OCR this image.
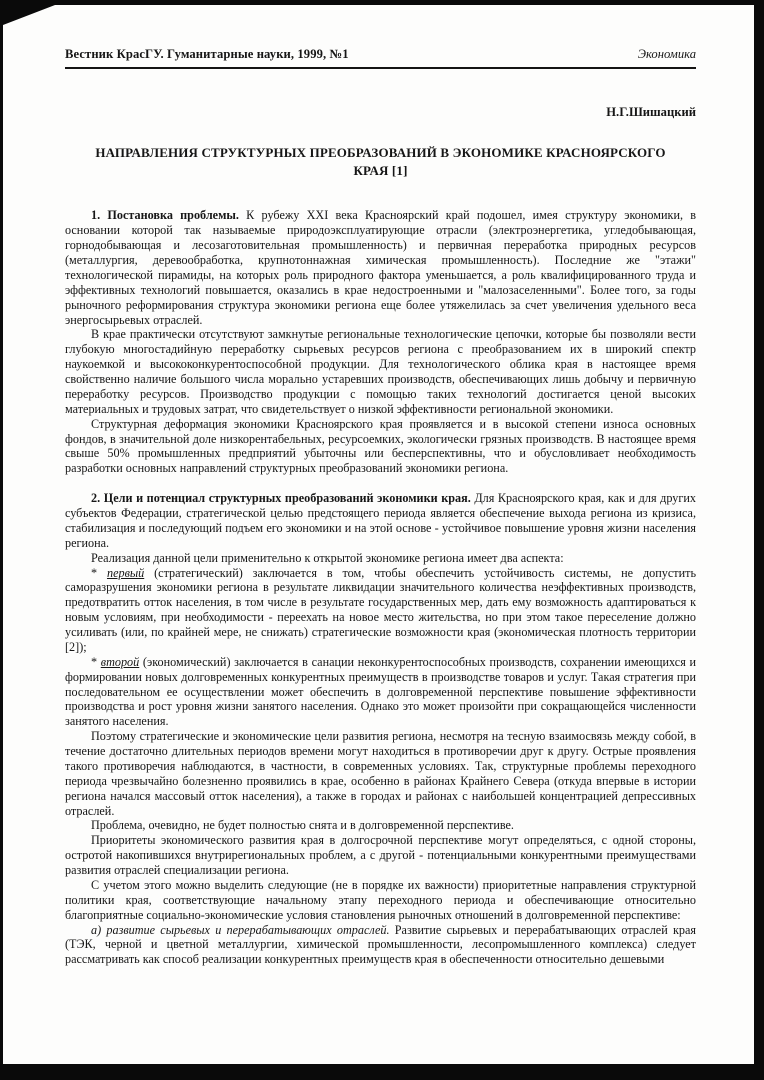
Вестник КрасГУ. Гуманитарные науки, 1999, №1	Экономика
Н.Г.Шишацкий
НАПРАВЛЕНИЯ СТРУКТУРНЫХ ПРЕОБРАЗОВАНИЙ В ЭКОНОМИКЕ КРАСНОЯРСКОГО КРАЯ [1]

1. Постановка проблемы. К рубежу XXI века Красноярский край подошел, имея структуру экономики, в основании которой так называемые природоэксплуатирующие отрасли (электроэнергетика, угледобывающая, горнодобывающая и лесозаготовительная промышленность) и первичная переработка природных ресурсов (металлургия, деревообработка, крупнотоннажная химическая промышленность). Последние же "этажи" технологической пирамиды, на которых роль природного фактора уменьшается, а роль квалифицированного труда и эффективных технологий повышается, оказались в крае недостроенными и "малозаселенными". Более того, за годы рыночного реформирования структура экономики региона еще более утяжелилась за счет увеличения удельного веса энергосырьевых отраслей.

В крае практически отсутствуют замкнутые региональные технологические цепочки, которые бы позволяли вести глубокую многостадийную переработку сырьевых ресурсов региона с преобразованием их в широкий спектр наукоемкой и высококонкурентоспособной продукции. Для технологического облика края в настоящее время свойственно наличие большого числа морально устаревших производств, обеспечивающих лишь добычу и первичную переработку ресурсов. Производство продукции с помощью таких технологий достигается ценой высоких материальных и трудовых затрат, что свидетельствует о низкой эффективности региональной экономики.

Структурная деформация экономики Красноярского края проявляется и в высокой степени износа основных фондов, в значительной доле низкорентабельных, ресурсоемких, экологически грязных производств. В настоящее время свыше 50% промышленных предприятий убыточны или бесперспективны, что и обусловливает необходимость разработки основных направлений структурных преобразований экономики региона.

2. Цели и потенциал структурных преобразований экономики края. Для Красноярского края, как и для других субъектов Федерации, стратегической целью предстоящего периода является обеспечение выхода региона из кризиса, стабилизация и последующий подъем его экономики и на этой основе - устойчивое повышение уровня жизни населения региона.

Реализация данной цели применительно к открытой экономике региона имеет два аспекта:

* первый (стратегический) заключается в том, чтобы обеспечить устойчивость системы, не допустить саморазрушения экономики региона в результате ликвидации значительного количества неэффективных производств, предотвратить отток населения, в том числе в результате государственных мер, дать ему возможность адаптироваться к новым условиям, при необходимости - переехать на новое место жительства, но при этом такое переселение должно усиливать (или, по крайней мере, не снижать) стратегические возможности края (экономическая плотность территории [2]);

* второй (экономический) заключается в санации неконкурентоспособных производств, сохранении имеющихся и формировании новых долговременных конкурентных преимуществ в производстве товаров и услуг. Такая стратегия при последовательном ее осуществлении может обеспечить в долговременной перспективе повышение эффективности производства и рост уровня жизни занятого населения. Однако это может произойти при сокращающейся численности занятого населения.

Поэтому стратегические и экономические цели развития региона, несмотря на тесную взаимосвязь между собой, в течение достаточно длительных периодов времени могут находиться в противоречии друг к другу. Острые проявления такого противоречия наблюдаются, в частности, в современных условиях. Так, структурные проблемы переходного периода чрезвычайно болезненно проявились в крае, особенно в районах Крайнего Севера (откуда впервые в истории региона начался массовый отток населения), а также в городах и районах с наибольшей концентрацией депрессивных отраслей.

Проблема, очевидно, не будет полностью снята и в долговременной перспективе.

Приоритеты экономического развития края в долгосрочной перспективе могут определяться, с одной стороны, остротой накопившихся внутрирегиональных проблем, а с другой - потенциальными конкурентными преимуществами развития отраслей специализации региона.

С учетом этого можно выделить следующие (не в порядке их важности) приоритетные направления структурной политики края, соответствующие начальному этапу переходного периода и обеспечивающие относительно благоприятные социально-экономические условия становления рыночных отношений в долговременной перспективе:

а) развитие сырьевых и перерабатывающих отраслей. Развитие сырьевых и перерабатывающих отраслей края (ТЭК, черной и цветной металлургии, химической промышленности, лесопромышленного комплекса) следует рассматривать как способ реализации конкурентных преимуществ края в обеспеченности относительно дешевыми
